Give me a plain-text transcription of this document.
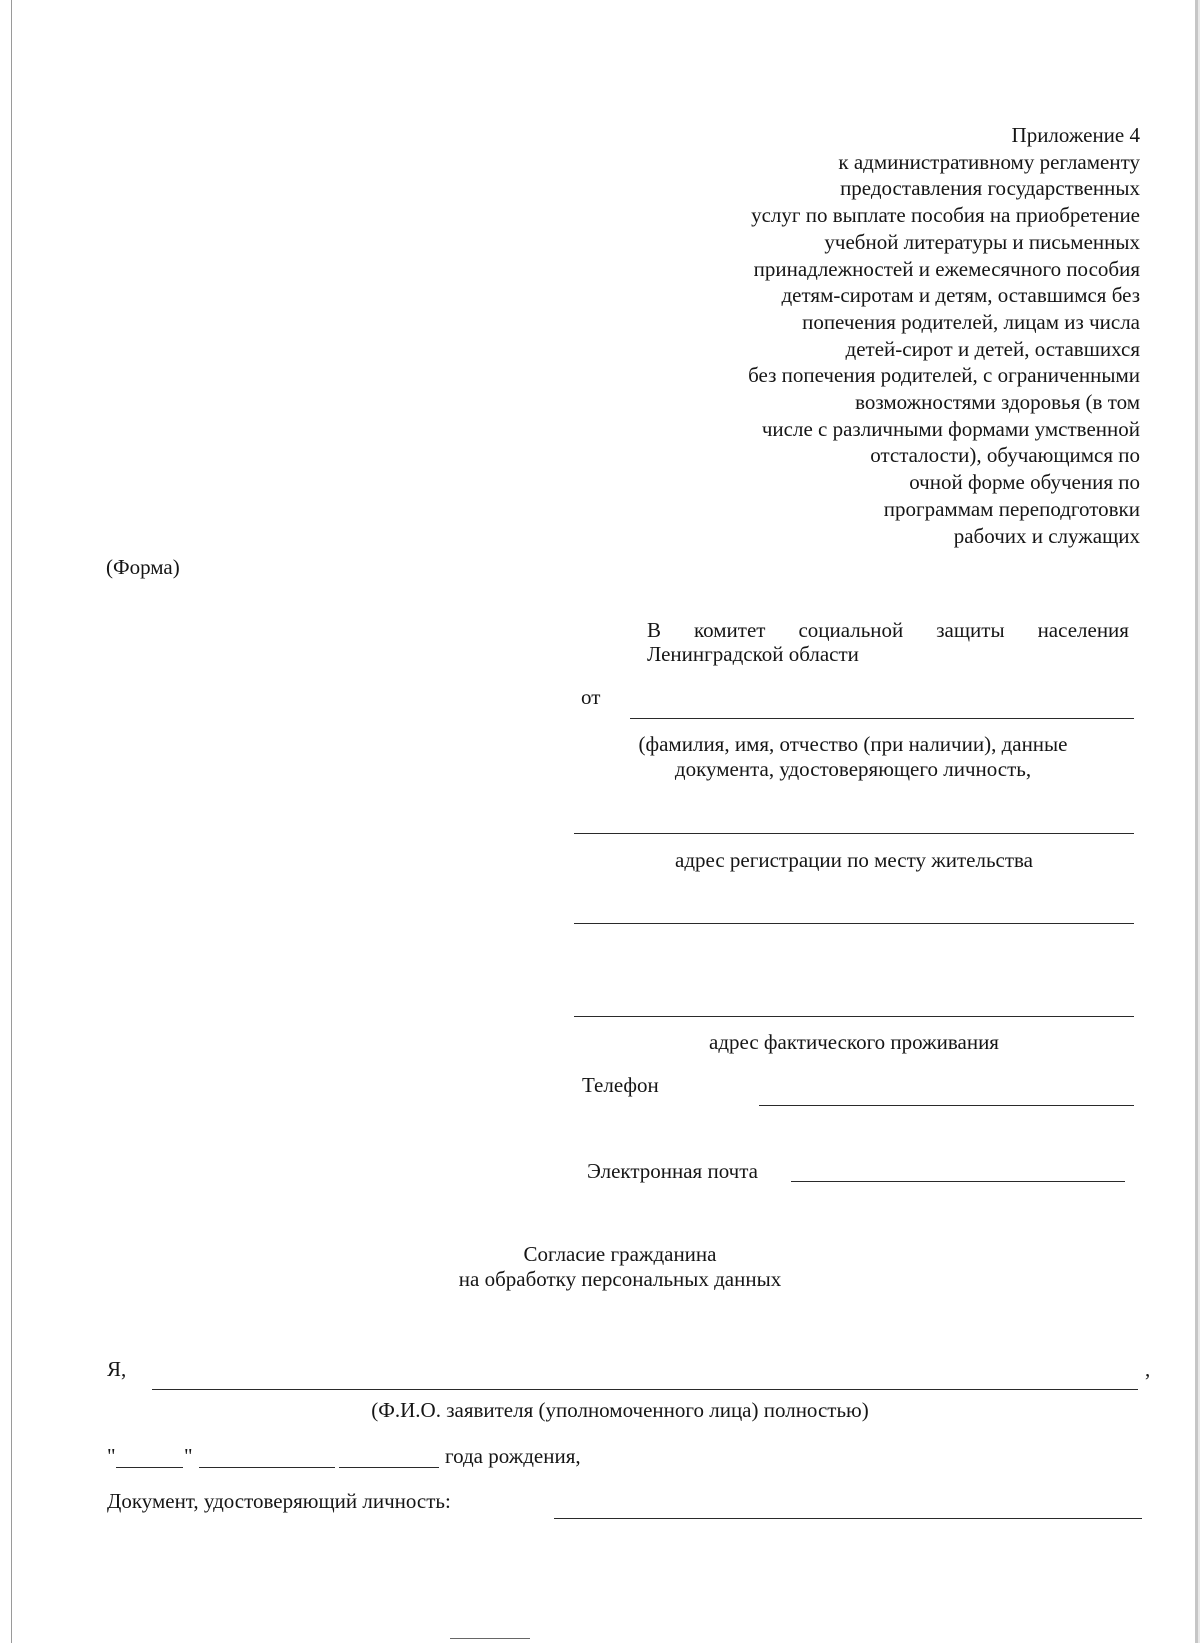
Приложение 4
к административному регламенту
предоставления государственных
услуг по выплате пособия на приобретение
учебной литературы и письменных
принадлежностей и ежемесячного пособия
детям-сиротам и детям, оставшимся без
попечения родителей, лицам из числа
детей-сирот и детей, оставшихся
без попечения родителей, с ограниченными
возможностями здоровья (в том
числе с различными формами умственной
отсталости), обучающимся по
очной форме обучения по
программам переподготовки
рабочих и служащих
(Форма)
В комитет социальной защиты населения
Ленинградской области
от
(фамилия, имя, отчество (при наличии), данные
документа, удостоверяющего личность,
адрес регистрации по месту жительства
адрес фактического проживания
Телефон
Электронная почта
Согласие гражданина
на обработку персональных данных
Я,	,
(Ф.И.О. заявителя (уполномоченного лица) полностью)
"	"	года рождения,
Документ, удостоверяющий личность:
